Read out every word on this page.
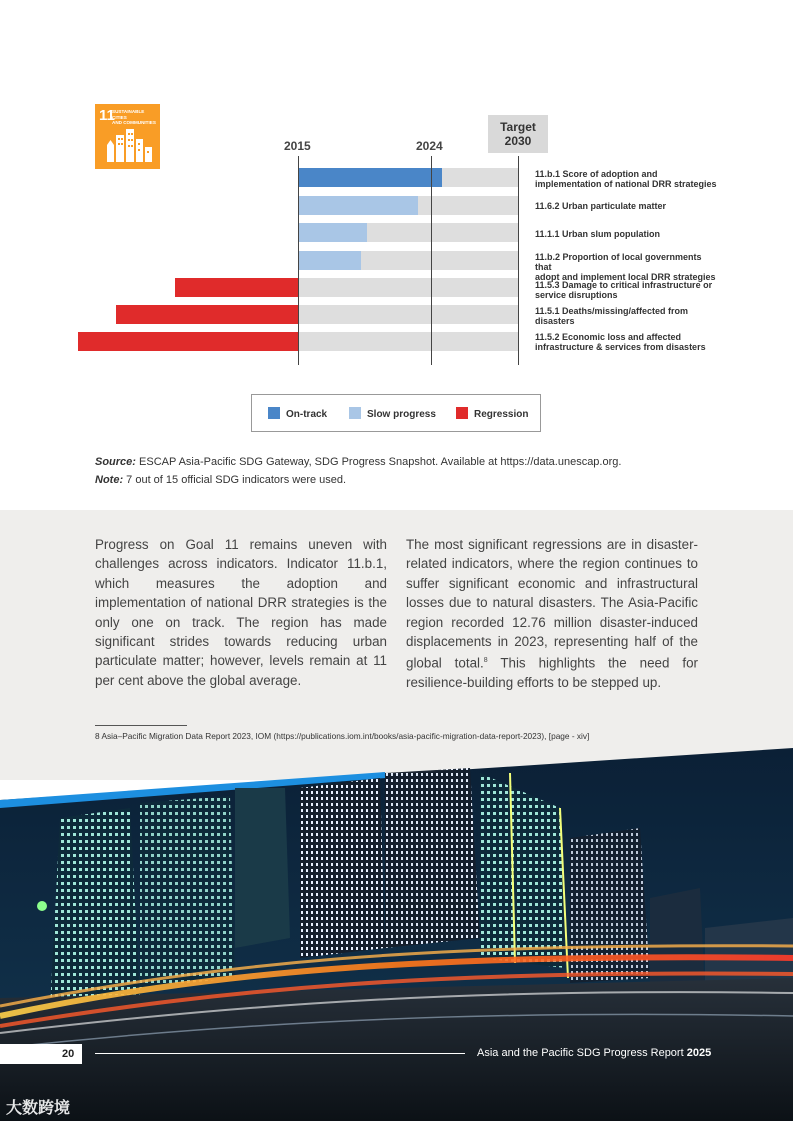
11
SUSTAINABLE CITIES
AND COMMUNITIES
2015	2024
Target
2030
11.b.1 Score of adoption and
implementation of national DRR strategies
11.6.2 Urban particulate matter
11.1.1 Urban slum population
11.b.2 Proportion of local governments that
adopt and implement local DRR strategies
11.5.3 Damage to critical infrastructure or
service disruptions
11.5.1 Deaths/missing/affected from
disasters
11.5.2 Economic loss and affected
infrastructure & services from disasters
On-track	Slow progress	Regression
Source: ESCAP Asia-Pacific SDG Gateway, SDG Progress Snapshot. Available at https://data.unescap.org.
Note: 7 out of 15 official SDG indicators were used.
Progress on Goal 11 remains uneven with challenges across indicators. Indicator 11.b.1, which measures the adoption and implementation of national DRR strategies is the only one on track. The region has made significant strides towards reducing urban particulate matter; however, levels remain at 11 per cent above the global average.
The most significant regressions are in disaster-related indicators, where the region continues to suffer significant economic and infrastructural losses due to natural disasters. The Asia-Pacific region recorded 12.76 million disaster-induced displacements in 2023, representing half of the global total.$^8$ This highlights the need for resilience-building efforts to be stepped up.
8 Asia–Pacific Migration Data Report 2023, IOM (https://publications.iom.int/books/asia-pacific-migration-data-report-2023), [page - xiv]
20	Asia and the Pacific SDG Progress Report 2025
大数跨境
